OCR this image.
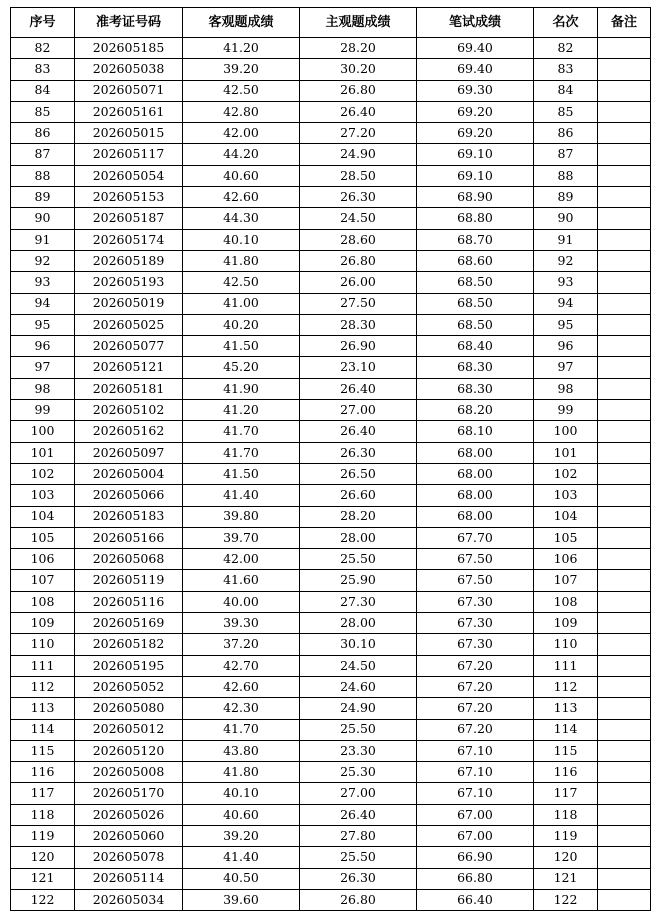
序号	准考证号码	客观题成绩	主观题成绩	笔试成绩	名次	备注
82	202605185	41.20	28.20	69.40	82	
83	202605038	39.20	30.20	69.40	83	
84	202605071	42.50	26.80	69.30	84	
85	202605161	42.80	26.40	69.20	85	
86	202605015	42.00	27.20	69.20	86	
87	202605117	44.20	24.90	69.10	87	
88	202605054	40.60	28.50	69.10	88	
89	202605153	42.60	26.30	68.90	89	
90	202605187	44.30	24.50	68.80	90	
91	202605174	40.10	28.60	68.70	91	
92	202605189	41.80	26.80	68.60	92	
93	202605193	42.50	26.00	68.50	93	
94	202605019	41.00	27.50	68.50	94	
95	202605025	40.20	28.30	68.50	95	
96	202605077	41.50	26.90	68.40	96	
97	202605121	45.20	23.10	68.30	97	
98	202605181	41.90	26.40	68.30	98	
99	202605102	41.20	27.00	68.20	99	
100	202605162	41.70	26.40	68.10	100	
101	202605097	41.70	26.30	68.00	101	
102	202605004	41.50	26.50	68.00	102	
103	202605066	41.40	26.60	68.00	103	
104	202605183	39.80	28.20	68.00	104	
105	202605166	39.70	28.00	67.70	105	
106	202605068	42.00	25.50	67.50	106	
107	202605119	41.60	25.90	67.50	107	
108	202605116	40.00	27.30	67.30	108	
109	202605169	39.30	28.00	67.30	109	
110	202605182	37.20	30.10	67.30	110	
111	202605195	42.70	24.50	67.20	111	
112	202605052	42.60	24.60	67.20	112	
113	202605080	42.30	24.90	67.20	113	
114	202605012	41.70	25.50	67.20	114	
115	202605120	43.80	23.30	67.10	115	
116	202605008	41.80	25.30	67.10	116	
117	202605170	40.10	27.00	67.10	117	
118	202605026	40.60	26.40	67.00	118	
119	202605060	39.20	27.80	67.00	119	
120	202605078	41.40	25.50	66.90	120	
121	202605114	40.50	26.30	66.80	121	
122	202605034	39.60	26.80	66.40	122	
